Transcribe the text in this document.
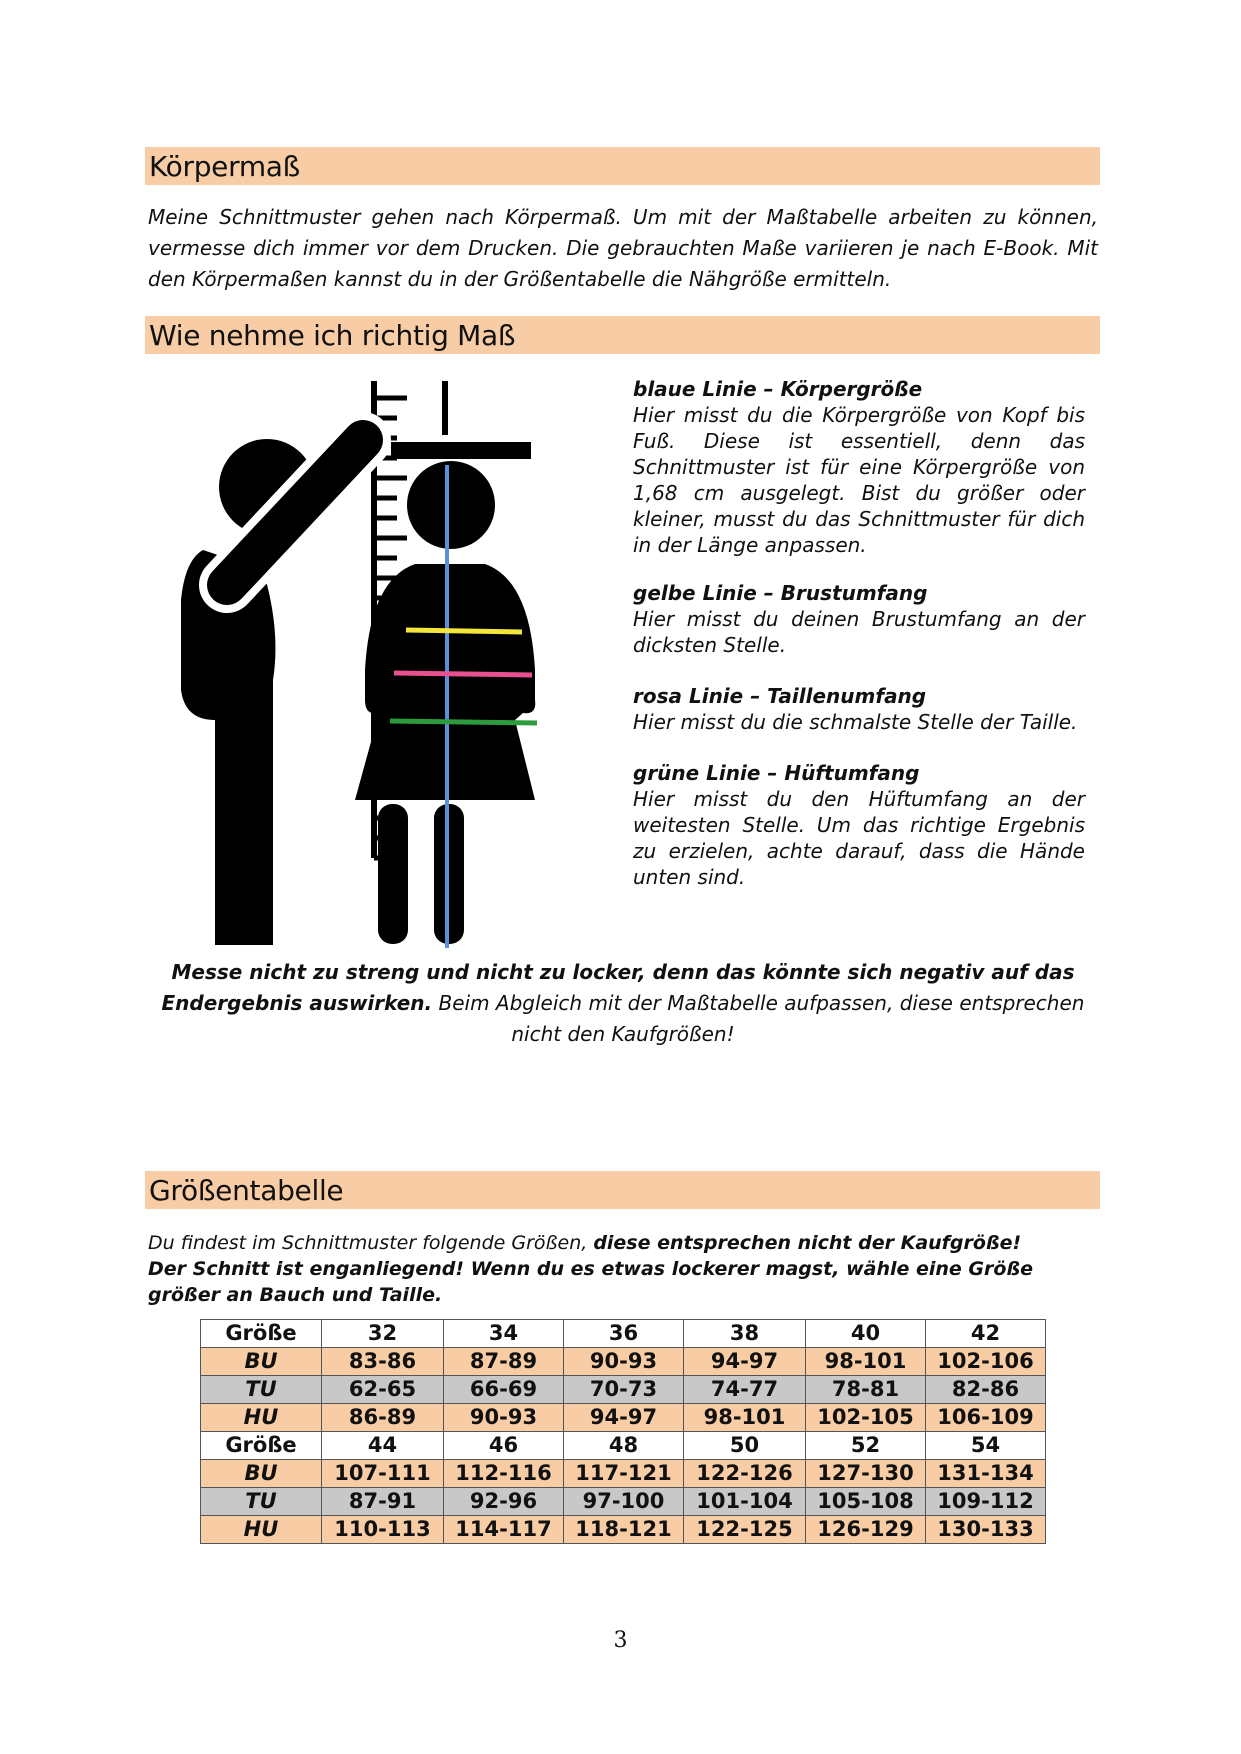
Körpermaß
Meine Schnittmuster gehen nach Körpermaß. Um mit der Maßtabelle arbeiten zu können, vermesse dich immer vor dem Drucken. Die gebrauchten Maße variieren je nach E-Book. Mit den Körpermaßen kannst du in der Größentabelle die Nähgröße ermitteln.
Wie nehme ich richtig Maß
blaue Linie – Körpergröße
Hier misst du die Körpergröße von Kopf bis Fuß. Diese ist essentiell, denn das Schnittmuster ist für eine Körpergröße von 1,68 cm ausgelegt. Bist du größer oder kleiner, musst du das Schnittmuster für dich in der Länge anpassen.
gelbe Linie – Brustumfang
Hier misst du deinen Brustumfang an der dicksten Stelle.
rosa Linie – Taillenumfang
Hier misst du die schmalste Stelle der Taille.
grüne Linie – Hüftumfang
Hier misst du den Hüftumfang an der weitesten Stelle. Um das richtige Ergebnis zu erzielen, achte darauf, dass die Hände unten sind.
Messe nicht zu streng und nicht zu locker, denn das könnte sich negativ auf das Endergebnis auswirken. Beim Abgleich mit der Maßtabelle aufpassen, diese entsprechen nicht den Kaufgrößen!
Größentabelle
Du findest im Schnittmuster folgende Größen, diese entsprechen nicht der Kaufgröße!
Der Schnitt ist enganliegend! Wenn du es etwas lockerer magst, wähle eine Größe größer an Bauch und Taille.
Größe	32	34	36	38	40	42
BU	83-86	87-89	90-93	94-97	98-101	102-106
TU	62-65	66-69	70-73	74-77	78-81	82-86
HU	86-89	90-93	94-97	98-101	102-105	106-109
Größe	44	46	48	50	52	54
BU	107-111	112-116	117-121	122-126	127-130	131-134
TU	87-91	92-96	97-100	101-104	105-108	109-112
HU	110-113	114-117	118-121	122-125	126-129	130-133
3
